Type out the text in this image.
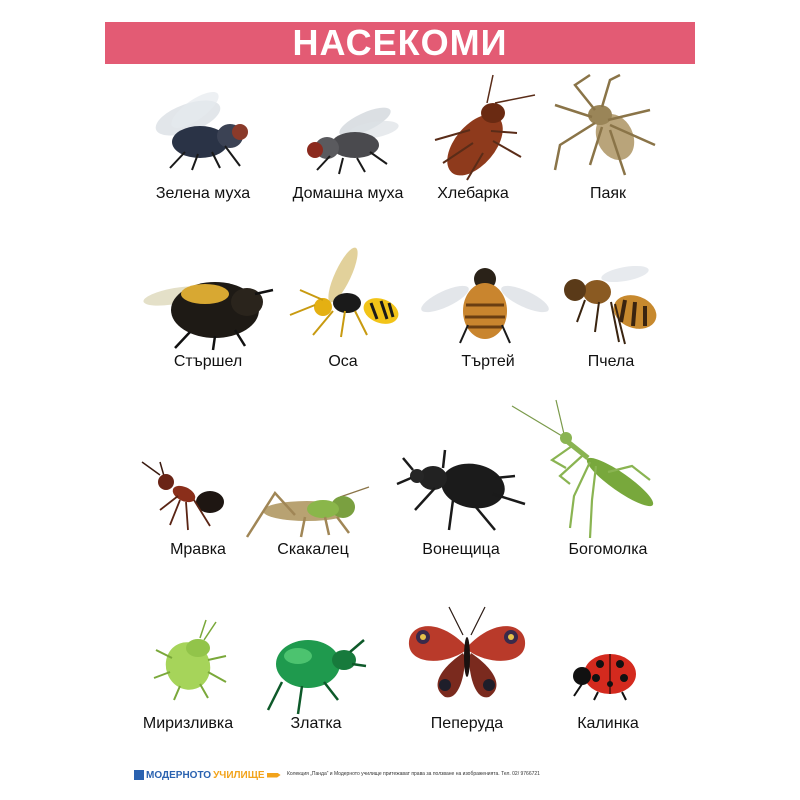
НАСЕКОМИ
Зелена муха	Домашна муха Хлебарка	Паяк
Стършел	Оса	Търтей	Пчела
Мравка	Скакалец	Вонещица	Богомолка
Миризливка	Златка	Пеперуда	Калинка
МОДЕРНОТО УЧИЛИЩЕ	Колекция „Панда“ и Модерното училище притежават права за ползване на изображенията. Тел. 02/ 9766721
